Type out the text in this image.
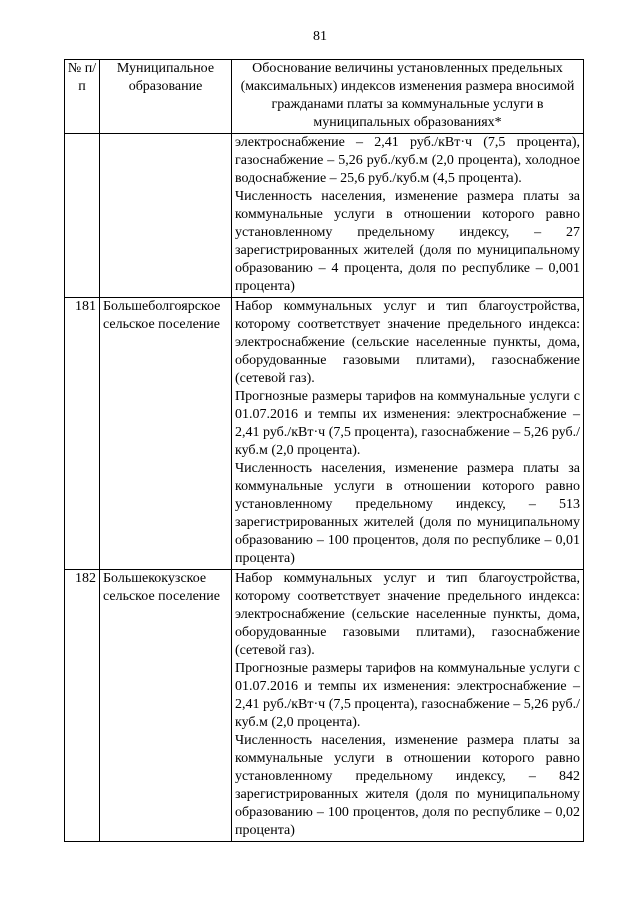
81
№ п/п	Муниципальное образование	Обоснование величины установленных предельных (максимальных) индексов изменения размера вносимой гражданами платы за коммунальные услуги в муниципальных образованиях*

		электроснабжение – 2,41 руб./кВт·ч (7,5 процента), газоснабжение – 5,26 руб./куб.м (2,0 процента), холодное водоснабжение – 25,6 руб./куб.м (4,5 процента).
Численность населения, изменение размера платы за коммунальные услуги в отношении которого равно установленному предельному индексу, – 27 зарегистрированных жителей (доля по муниципальному образованию – 4 процента, доля по республике – 0,001 процента)

181	Большеболгоярское сельское поселение	Набор коммунальных услуг и тип благоустройства, которому соответствует значение предельного индекса: электроснабжение (сельские населенные пункты, дома, оборудованные газовыми плитами), газоснабжение (сетевой газ).
Прогнозные размеры тарифов на коммунальные услуги с 01.07.2016 и темпы их изменения: электроснабжение – 2,41 руб./кВт·ч (7,5 процента), газоснабжение – 5,26 руб./куб.м (2,0 процента).
Численность населения, изменение размера платы за коммунальные услуги в отношении которого равно установленному предельному индексу, – 513 зарегистрированных жителей (доля по муниципальному образованию – 100 процентов, доля по республике – 0,01 процента)

182	Большекокузское сельское поселение	Набор коммунальных услуг и тип благоустройства, которому соответствует значение предельного индекса: электроснабжение (сельские населенные пункты, дома, оборудованные газовыми плитами), газоснабжение (сетевой газ).
Прогнозные размеры тарифов на коммунальные услуги с 01.07.2016 и темпы их изменения: электроснабжение – 2,41 руб./кВт·ч (7,5 процента), газоснабжение – 5,26 руб./куб.м (2,0 процента).
Численность населения, изменение размера платы за коммунальные услуги в отношении которого равно установленному предельному индексу, – 842 зарегистрированных жителя (доля по муниципальному образованию – 100 процентов, доля по республике – 0,02 процента)
